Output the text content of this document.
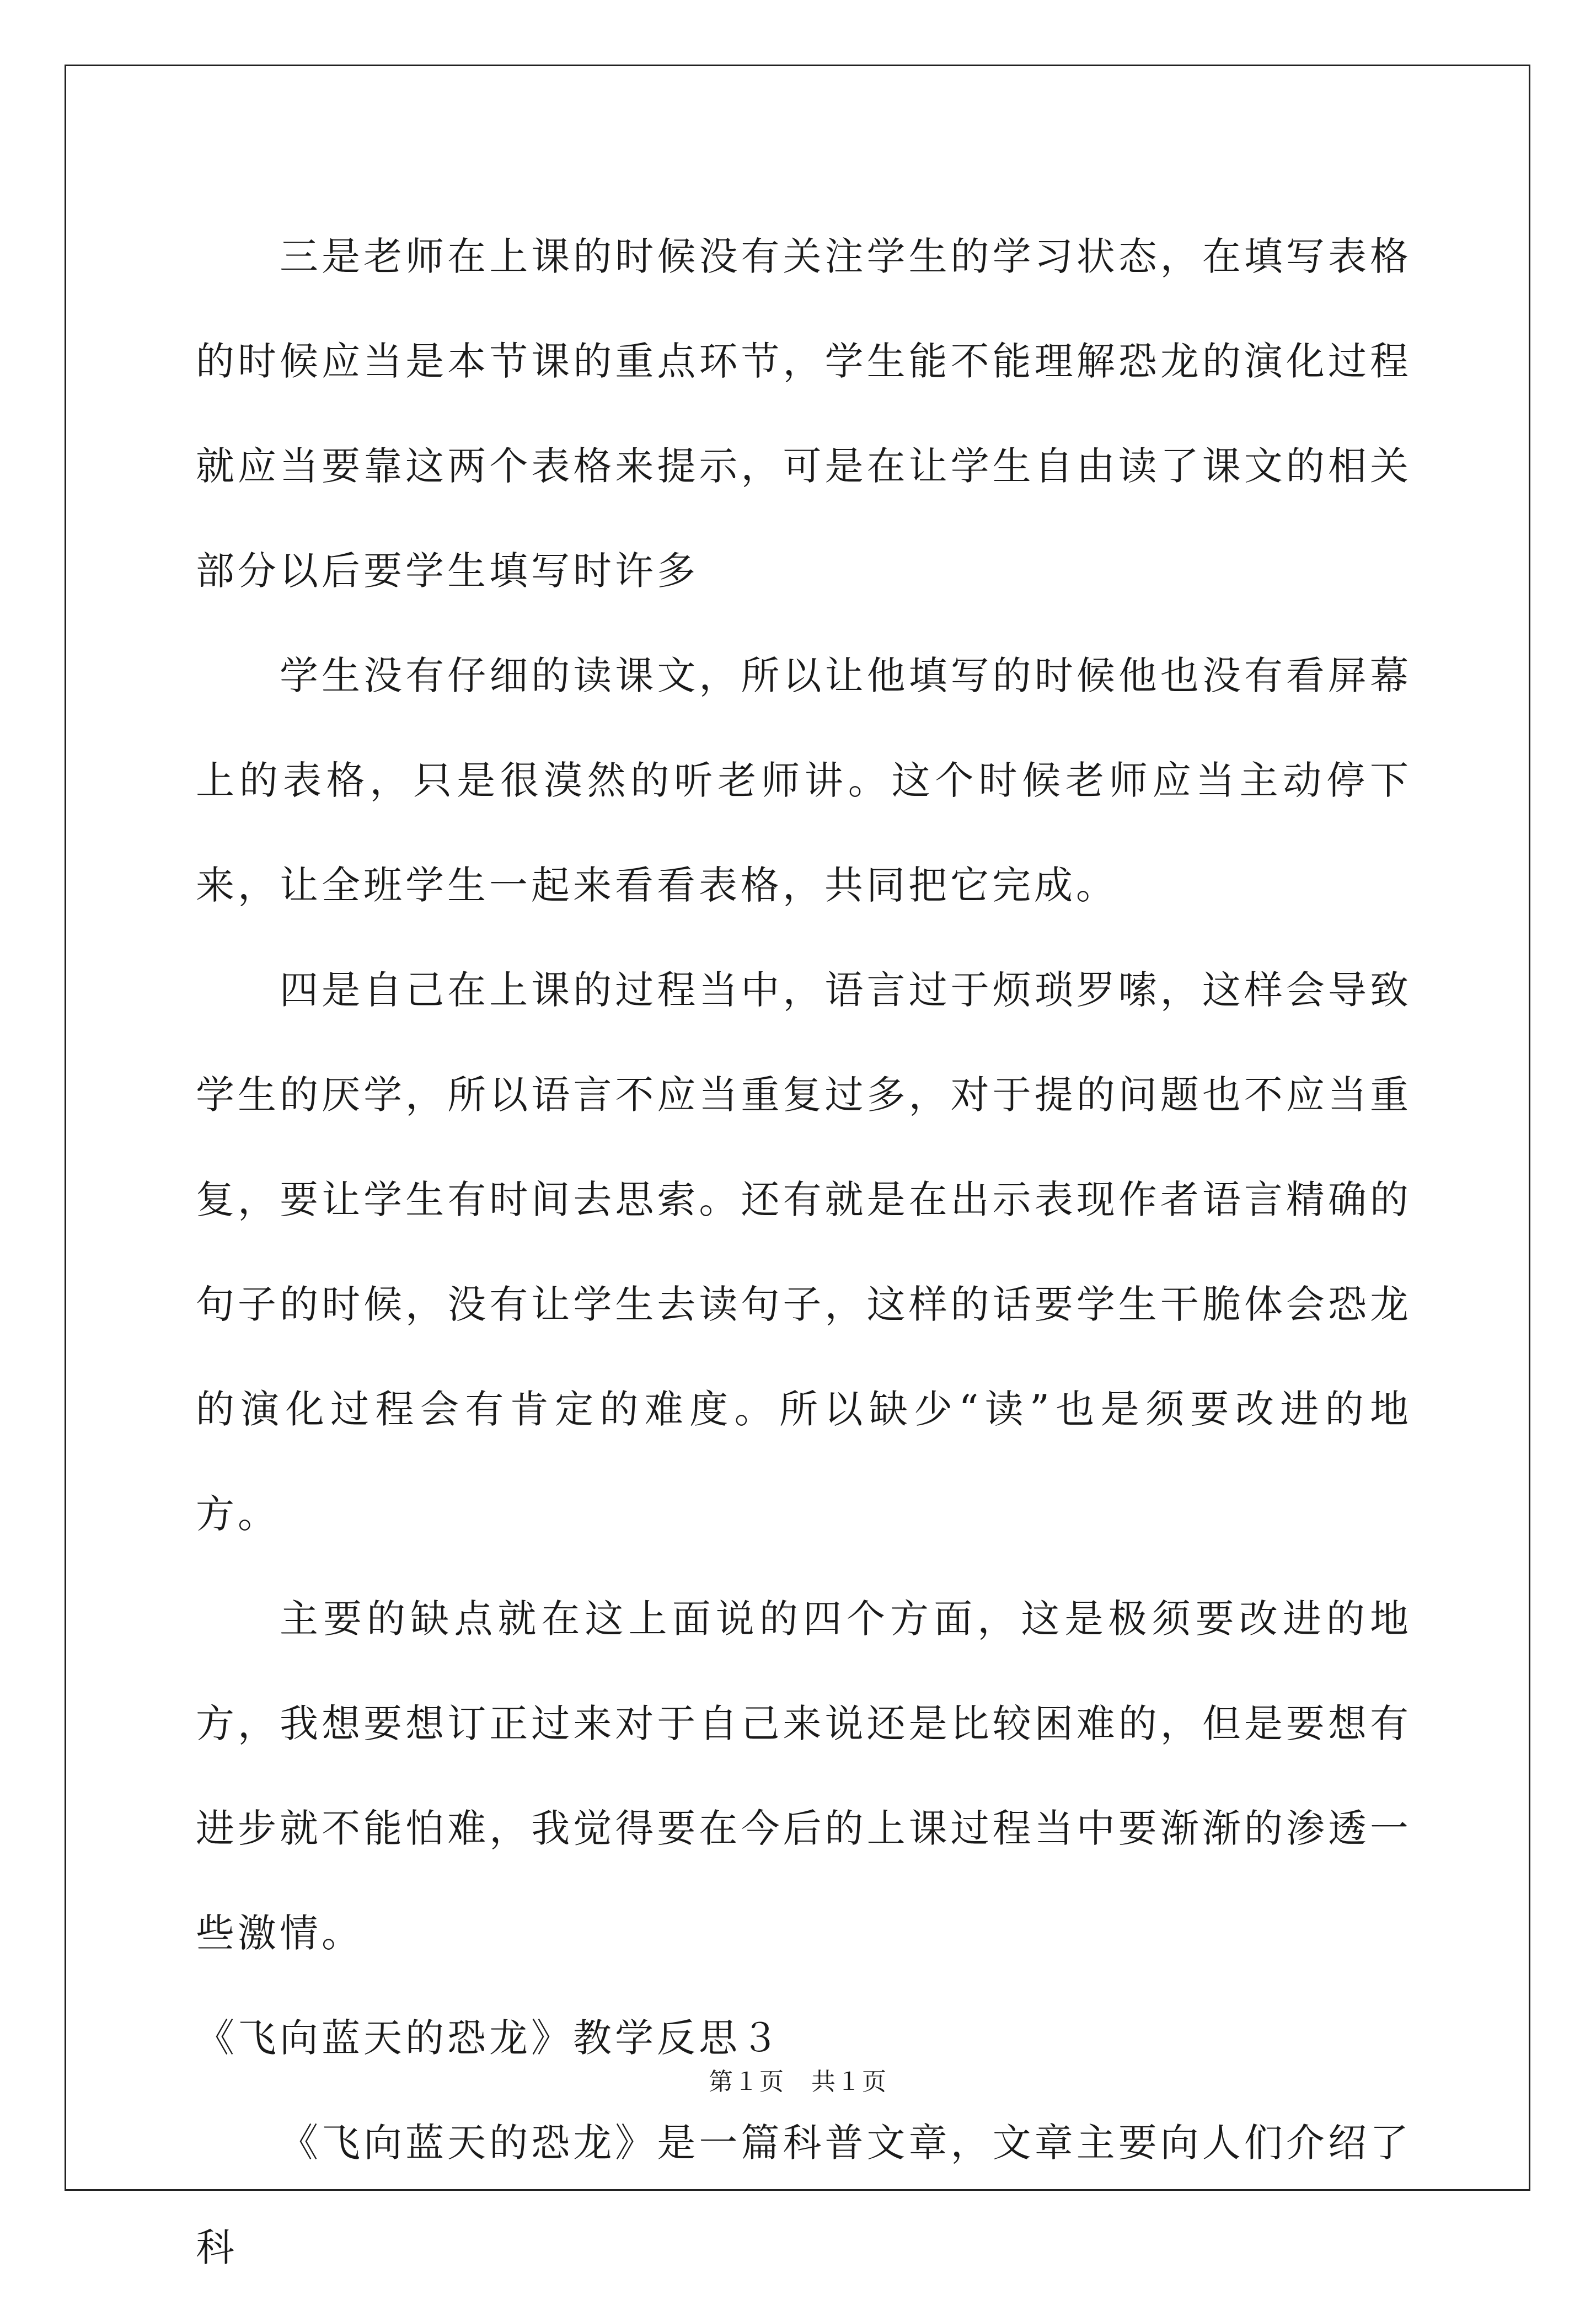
三是老师在上课的时候没有关注学生的学习状态，在填写表格的时候应当是本节课的重点环节，学生能不能理解恐龙的演化过程就应当要靠这两个表格来提示，可是在让学生自由读了课文的相关部分以后要学生填写时许多

学生没有仔细的读课文，所以让他填写的时候他也没有看屏幕上的表格，只是很漠然的听老师讲。这个时候老师应当主动停下来，让全班学生一起来看看表格，共同把它完成。

四是自己在上课的过程当中，语言过于烦琐罗嗦，这样会导致学生的厌学，所以语言不应当重复过多，对于提的问题也不应当重复，要让学生有时间去思索。还有就是在出示表现作者语言精确的句子的时候，没有让学生去读句子，这样的话要学生干脆体会恐龙的演化过程会有肯定的难度。所以缺少“读”也是须要改进的地方。

主要的缺点就在这上面说的四个方面，这是极须要改进的地方，我想要想订正过来对于自己来说还是比较困难的，但是要想有进步就不能怕难，我觉得要在今后的上课过程当中要渐渐的渗透一些激情。

《飞向蓝天的恐龙》教学反思３

《飞向蓝天的恐龙》是一篇科普文章，文章主要向人们介绍了科

第１页 共１页
